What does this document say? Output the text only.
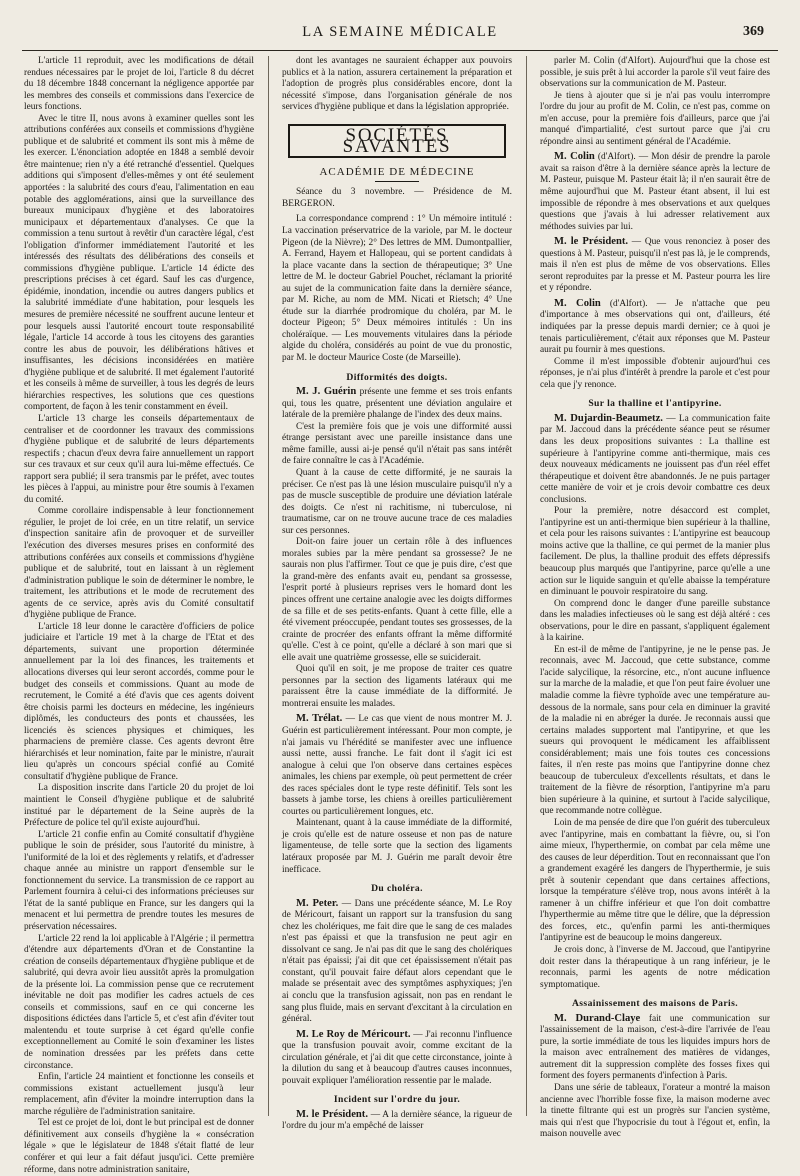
LA SEMAINE MÉDICALE	369

L'article 11 reproduit, avec les modifications de détail rendues nécessaires par le projet de loi, l'article 8 du décret du 18 décembre 1848 concernant la négligence apportée par les membres des conseils et commissions dans l'exercice de leurs fonctions.

Avec le titre II, nous avons à examiner quelles sont les attributions conférées aux conseils et commissions d'hygiène publique et de salubrité et comment ils sont mis à même de les exercer. L'énonciation adoptée en 1848 a semblé devoir être maintenue; rien n'y a été retranché d'essentiel. Quelques additions qui s'imposent d'elles-mêmes y ont été seulement apportées : la salubrité des cours d'eau, l'alimentation en eau potable des agglomérations, ainsi que la surveillance des bureaux municipaux d'hygiène et des laboratoires municipaux et départementaux d'analyses. Ce que la commission a tenu surtout à revêtir d'un caractère légal, c'est l'obligation d'informer immédiatement l'autorité et les intéressés des résultats des délibérations des conseils et commissions d'hygiène publique. L'article 14 édicte des prescriptions précises à cet égard. Sauf les cas d'urgence, épidémie, inondation, incendie ou autres dangers publics et la salubrité immédiate d'une habitation, pour lesquels les mesures de première nécessité ne souffrent aucune lenteur et pour lesquels aussi l'autorité encourt toute responsabilité légale, l'article 14 accorde à tous les citoyens des garanties contre les abus de pouvoir, les délibérations hâtives et insuffisantes, les décisions inconsidérées en matière d'hygiène publique et de salubrité. Il met également l'autorité et les conseils à même de surveiller, à tous les degrés de leurs hiérarchies respectives, les solutions que ces questions comportent, de façon à les tenir constamment en éveil.

L'article 13 charge les conseils départementaux de centraliser et de coordonner les travaux des commissions d'hygiène publique et de salubrité de leurs départements respectifs ; chacun d'eux devra faire annuellement un rapport sur ces travaux et sur ceux qu'il aura lui-même effectués. Ce rapport sera publié; il sera transmis par le préfet, avec toutes les pièces à l'appui, au ministre pour être soumis à l'examen du comité.

Comme corollaire indispensable à leur fonctionnement régulier, le projet de loi crée, en un titre relatif, un service d'inspection sanitaire afin de provoquer et de surveiller l'exécution des diverses mesures prises en conformité des attributions conférées aux conseils et commissions d'hygiène publique et de salubrité, tout en laissant à un règlement d'administration publique le soin de déterminer le nombre, le traitement, les attributions et le mode de recrutement des agents de ce service, après avis du Comité consultatif d'hygiène publique de France.

L'article 18 leur donne le caractère d'officiers de police judiciaire et l'article 19 met à la charge de l'Etat et des départements, suivant une proportion déterminée annuellement par la loi des finances, les traitements et allocations diverses qui leur seront accordés, comme pour le budget des conseils et commissions. Quant au mode de recrutement, le Comité a été d'avis que ces agents doivent être choisis parmi les docteurs en médecine, les ingénieurs diplômés, les conducteurs des ponts et chaussées, les licenciés ès sciences physiques et chimiques, les pharmaciens de première classe. Ces agents devront être hiérarchisés et leur nomination, faite par le ministre, n'aurait lieu qu'après un concours spécial confié au Comité consultatif d'hygiène publique de France.

La disposition inscrite dans l'article 20 du projet de loi maintient le Conseil d'hygiène publique et de salubrité institué par le département de la Seine auprès de la Préfecture de police tel qu'il existe aujourd'hui.

L'article 21 confie enfin au Comité consultatif d'hygiène publique le soin de présider, sous l'autorité du ministre, à l'uniformité de la loi et des règlements y relatifs, et d'adresser chaque année au ministre un rapport d'ensemble sur le fonctionnement du service. La transmission de ce rapport au Parlement fournira à celui-ci des informations précieuses sur l'état de la santé publique en France, sur les dangers qui la menacent et lui permettra de prendre toutes les mesures de préservation nécessaires.

L'article 22 rend la loi applicable à l'Algérie ; il permettra d'étendre aux départements d'Oran et de Constantine la création de conseils départementaux d'hygiène publique et de salubrité, qui devra avoir lieu aussitôt après la promulgation de la présente loi. La commission pense que ce recrutement inévitable ne doit pas modifier les cadres actuels de ces conseils et commissions, sauf en ce qui concerne les dispositions édictées dans l'article 5, et c'est afin d'éviter tout malentendu et toute surprise à cet égard qu'elle confie exceptionnellement au Comité le soin d'examiner les listes de nomination dressées par les préfets dans cette circonstance.

Enfin, l'article 24 maintient et fonctionne les conseils et commissions existant actuellement jusqu'à leur remplacement, afin d'éviter la moindre interruption dans la marche régulière de l'administration sanitaire.

Tel est ce projet de loi, dont le but principal est de donner définitivement aux conseils d'hygiène la « consécration légale » que le législateur de 1848 s'était flatté de leur conférer et qui leur a fait défaut jusqu'ici. Cette première réforme, dans notre administration sanitaire,

dont les avantages ne sauraient échapper aux pouvoirs publics et à la nation, assurera certainement la préparation et l'adoption de progrès plus considérables encore, dont la nécessité s'impose, dans l'organisation générale de nos services d'hygiène publique et dans la législation appropriée.

SOCIÉTÉS SAVANTES
ACADÉMIE DE MÉDECINE

Séance du 3 novembre. — Présidence de M. BERGERON.

La correspondance comprend : 1° Un mémoire intitulé : La vaccination préservatrice de la variole, par M. le docteur Pigeon (de la Nièvre); 2° Des lettres de MM. Dumontpallier, A. Ferrand, Hayem et Hallopeau, qui se portent candidats à la place vacante dans la section de thérapeutique; 3° Une lettre de M. le docteur Gabriel Pouchet, réclamant la priorité au sujet de la communication faite dans la dernière séance, par M. Riche, au nom de MM. Nicati et Rietsch; 4° Une étude sur la diarrhée prodromique du choléra, par M. le docteur Pigeon; 5° Deux mémoires intitulés : Un ins choléraïque. — Les mouvements vitulaires dans la période algide du choléra, considérés au point de vue du pronostic, par M. le docteur Maurice Coste (de Marseille).

Difformités des doigts.

M. J. Guérin présente une femme et ses trois enfants qui, tous les quatre, présentent une déviation angulaire et latérale de la première phalange de l'index des deux mains.

C'est la première fois que je vois une difformité aussi étrange persistant avec une pareille insistance dans une même famille, aussi ai-je pensé qu'il n'était pas sans intérêt de faire connaître le cas à l'Académie.

Quant à la cause de cette difformité, je ne saurais la préciser. Ce n'est pas là une lésion musculaire puisqu'il n'y a pas de muscle susceptible de produire une déviation latérale des doigts. Ce n'est ni rachitisme, ni tuberculose, ni traumatisme, car on ne trouve aucune trace de ces maladies sur ces personnes.

Doit-on faire jouer un certain rôle à des influences morales subies par la mère pendant sa grossesse? Je ne saurais non plus l'affirmer. Tout ce que je puis dire, c'est que la grand-mère des enfants avait eu, pendant sa grossesse, l'esprit porté à plusieurs reprises vers le homard dont les pinces offrent une certaine analogie avec les doigts difformes de sa fille et de ses petits-enfants. Quant à cette fille, elle a été vivement préoccupée, pendant toutes ses grossesses, de la crainte de procréer des enfants offrant la même difformité qu'elle. C'est à ce point, qu'elle a déclaré à son mari que si elle avait une quatrième grossesse, elle se suiciderait.

Quoi qu'il en soit, je me propose de traiter ces quatre personnes par la section des ligaments latéraux qui me paraissent être la cause immédiate de la difformité. Je montrerai ensuite les malades.

M. Trélat. — Le cas que vient de nous montrer M. J. Guérin est particulièrement intéressant. Pour mon compte, je n'ai jamais vu l'hérédité se manifester avec une influence aussi nette, aussi franche. Le fait dont il s'agit ici est analogue à celui que l'on observe dans certaines espèces animales, les chiens par exemple, où peut permettent de créer des races spéciales dont le type reste définitif. Tels sont les bassets à jambe torse, les chiens à oreilles particulièrement courtes ou particulièrement longues, etc.

Maintenant, quant à la cause immédiate de la difformité, je crois qu'elle est de nature osseuse et non pas de nature ligamenteuse, de telle sorte que la section des ligaments latéraux proposée par M. J. Guérin me paraît devoir être inefficace.

Du choléra.

M. Peter. — Dans une précédente séance, M. Le Roy de Méricourt, faisant un rapport sur la transfusion du sang chez les cholériques, me fait dire que le sang de ces malades n'est pas épaissi et que la transfusion ne peut agir en dissolvant ce sang. Je n'ai pas dit que le sang des cholériques n'était pas épaissi; j'ai dit que cet épaississement n'était pas constant, qu'il pouvait faire défaut alors cependant que le malade se présentait avec des symptômes asphyxiques; j'en ai conclu que la transfusion agissait, non pas en rendant le sang plus fluide, mais en servant d'excitant à la circulation en général.

M. Le Roy de Méricourt. — J'ai reconnu l'influence que la transfusion pouvait avoir, comme excitant de la circulation générale, et j'ai dit que cette circonstance, jointe à la dilution du sang et à beaucoup d'autres causes inconnues, pouvait expliquer l'amélioration ressentie par le malade.

Incident sur l'ordre du jour.

M. le Président. — A la dernière séance, la rigueur de l'ordre du jour m'a empêché de laisser

parler M. Colin (d'Alfort). Aujourd'hui que la chose est possible, je suis prêt à lui accorder la parole s'il veut faire des observations sur la communication de M. Pasteur.

Je tiens à ajouter que si je n'ai pas voulu interrompre l'ordre du jour au profit de M. Colin, ce n'est pas, comme on m'en accuse, pour la première fois d'ailleurs, parce que j'ai manqué d'impartialité, c'est surtout parce que j'ai cru répondre ainsi au sentiment général de l'Académie.

M. Colin (d'Alfort). — Mon désir de prendre la parole avait sa raison d'être à la dernière séance après la lecture de M. Pasteur, puisque M. Pasteur était là; il n'en saurait être de même aujourd'hui que M. Pasteur étant absent, il lui est impossible de répondre à mes observations et aux quelques questions que j'avais à lui adresser relativement aux méthodes suivies par lui.

M. le Président. — Que vous renonciez à poser des questions à M. Pasteur, puisqu'il n'est pas là, je le comprends, mais il n'en est plus de même de vos observations. Elles seront reproduites par la presse et M. Pasteur pourra les lire et y répondre.

M. Colin (d'Alfort). — Je n'attache que peu d'importance à mes observations qui ont, d'ailleurs, été indiquées par la presse depuis mardi dernier; ce à quoi je tenais particulièrement, c'était aux réponses que M. Pasteur aurait pu fournir à mes questions.

Comme il m'est impossible d'obtenir aujourd'hui ces réponses, je n'ai plus d'intérêt à prendre la parole et c'est pour cela que j'y renonce.

Sur la thalline et l'antipyrine.

M. Dujardin-Beaumetz. — La communication faite par M. Jaccoud dans la précédente séance peut se résumer dans les deux propositions suivantes : La thalline est supérieure à l'antipyrine comme anti-thermique, mais ces deux nouveaux médicaments ne jouissent pas d'un réel effet thérapeutique et doivent être abandonnés. Je ne puis partager cette manière de voir et je crois devoir combattre ces deux conclusions.

Pour la première, notre désaccord est complet, l'antipyrine est un anti-thermique bien supérieur à la thalline, et cela pour les raisons suivantes : L'antipyrine est beaucoup moins active que la thalline, ce qui permet de la manier plus facilement. De plus, la thalline produit des effets dépressifs beaucoup plus marqués que l'antipyrine, parce qu'elle a une action sur le liquide sanguin et qu'elle abaisse la température en diminuant le pouvoir respiratoire du sang.

On comprend donc le danger d'une pareille substance dans les maladies infectieuses où le sang est déjà altéré : ces observations, pour le dire en passant, s'appliquent également à la kairine.

En est-il de même de l'antipyrine, je ne le pense pas. Je reconnais, avec M. Jaccoud, que cette substance, comme l'acide salycilique, la résorcine, etc., n'ont aucune influence sur la marche de la maladie, et que l'on peut faire évoluer une maladie comme la fièvre typhoïde avec une température au-dessous de la normale, sans pour cela en diminuer la gravité de la maladie ni en abréger la durée. Je reconnais aussi que certains malades supportent mal l'antipyrine, et que les sueurs qui provoquent le médicament les affaiblissent considérablement; mais une fois toutes ces concessions faites, il n'en reste pas moins que l'antipyrine donne chez beaucoup de tuberculeux d'excellents résultats, et dans le traitement de la fièvre de résorption, l'antipyrine m'a paru bien supérieure à la quinine, et surtout à l'acide salycilique, que recommande notre collègue.

Loin de ma pensée de dire que l'on guérit des tuberculeux avec l'antipyrine, mais en combattant la fièvre, ou, si l'on aime mieux, l'hyperthermie, on combat par cela même une des causes de leur déperdition. Tout en reconnaissant que l'on a grandement exagéré les dangers de l'hyperthermie, je suis prêt à soutenir cependant que dans certaines affections, lorsque la température s'élève trop, nous avons intérêt à la ramener à un chiffre inférieur et que l'on doit combattre l'hyperthermie au même titre que le délire, que la dépression des forces, etc., qu'enfin parmi les anti-thermiques l'antipyrine est de beaucoup le moins dangereux.

Je crois donc, à l'inverse de M. Jaccoud, que l'antipyrine doit rester dans la thérapeutique à un rang inférieur, je le reconnais, parmi les agents de notre médication symptomatique.

Assainissement des maisons de Paris.

M. Durand-Claye fait une communication sur l'assainissement de la maison, c'est-à-dire l'arrivée de l'eau pure, la sortie immédiate de tous les liquides impurs hors de la maison avec entraînement des matières de vidanges, autrement dit la suppression complète des fosses fixes qui forment des foyers permanents d'infection à Paris.

Dans une série de tableaux, l'orateur a montré la maison ancienne avec l'horrible fosse fixe, la maison moderne avec la tinette filtrante qui est un progrès sur l'ancien système, mais qui n'est que l'hypocrisie du tout à l'égout et, enfin, la maison nouvelle avec
